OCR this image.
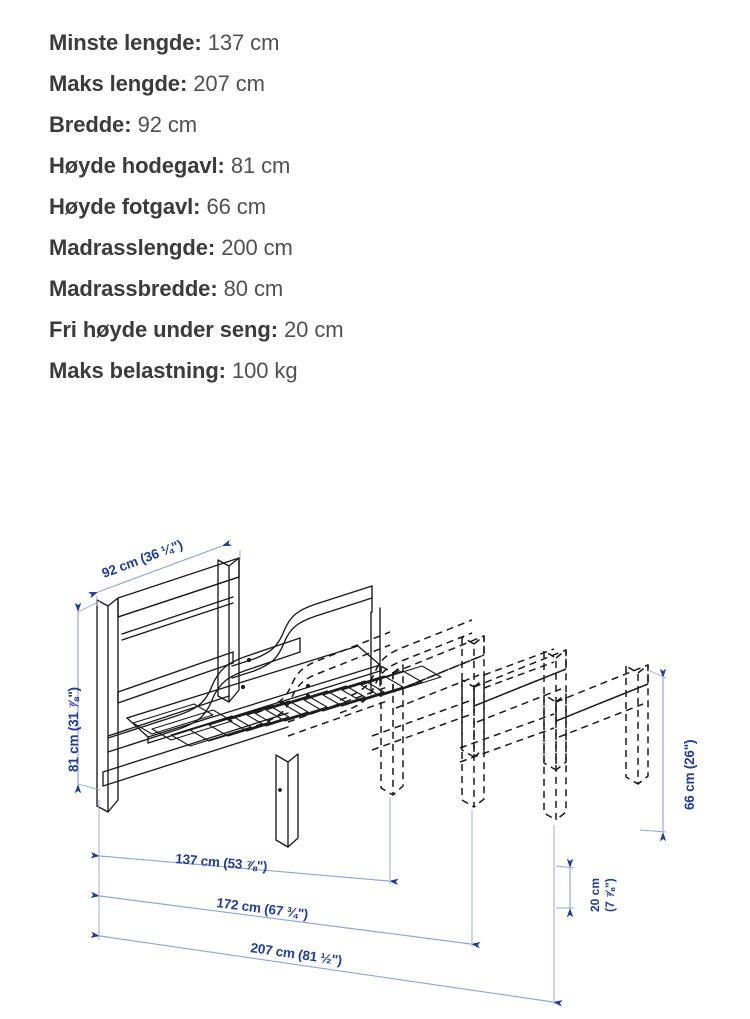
Minste lengde: 137 cm
Maks lengde: 207 cm
Bredde: 92 cm
Høyde hodegavl: 81 cm
Høyde fotgavl: 66 cm
Madrasslengde: 200 cm
Madrassbredde: 80 cm
Fri høyde under seng: 20 cm
Maks belastning: 100 kg
92 cm (36 ¼")
81 cm (31 ⅞")
66 cm (26")
20 cm (7 ⅞")
137 cm (53 ⅞")
172 cm (67 ¾")
207 cm (81 ½")
